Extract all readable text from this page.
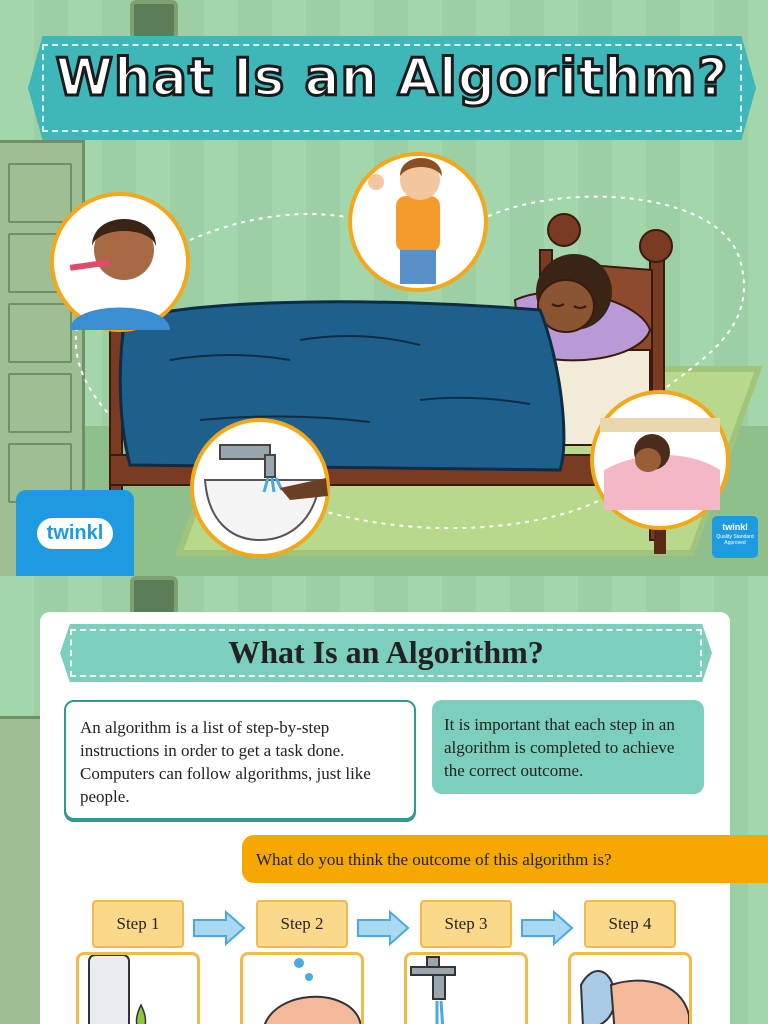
What Is an Algorithm?
twinkl	twinkl
Quality Standard Approved
What Is an Algorithm?

An algorithm is a list of step-by-step instructions in order to get a task done. Computers can follow algorithms, just like people.

It is important that each step in an algorithm is completed to achieve the correct outcome.

What do you think the outcome of this algorithm is?

Step 1	Step 2	Step 3	Step 4
